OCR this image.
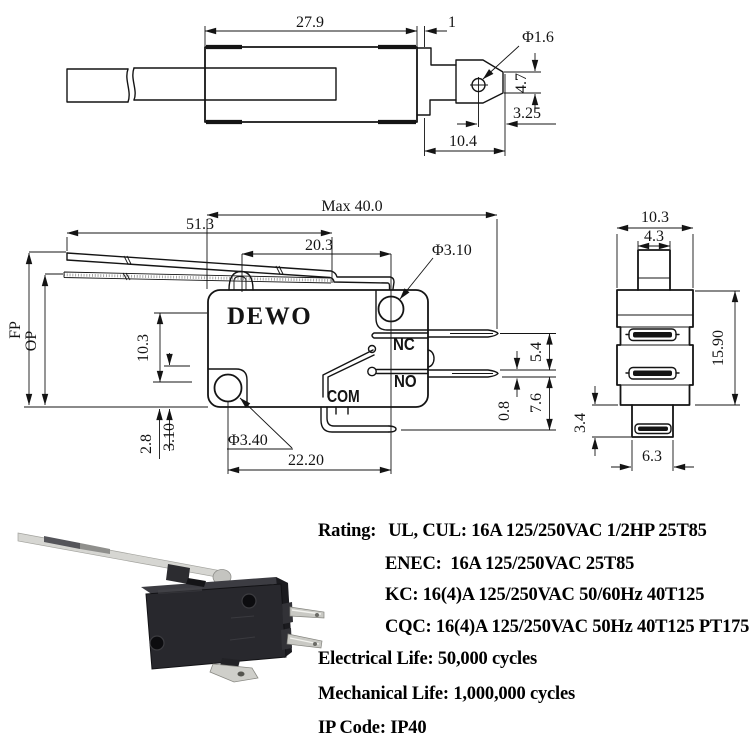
27.9	1
Φ1.6
4.7
3.25
10.4
DEWO
NC
NO
COM
Max 40.0
51.3
20.3	Φ3.10
FP
OP	10.3
2.8 3.10	Φ3.40
22.20
5.4
7.6
0.8
10.3
4.3
15.90
3.4
6.3
Rating: UL, CUL: 16A 125/250VAC 1/2HP 25T85
ENEC:  16A 125/250VAC 25T85
KC: 16(4)A 125/250VAC 50/60Hz 40T125
CQC: 16(4)A 125/250VAC 50Hz 40T125 PT175
Electrical Life: 50,000 cycles
Mechanical Life: 1,000,000 cycles
IP Code: IP40
